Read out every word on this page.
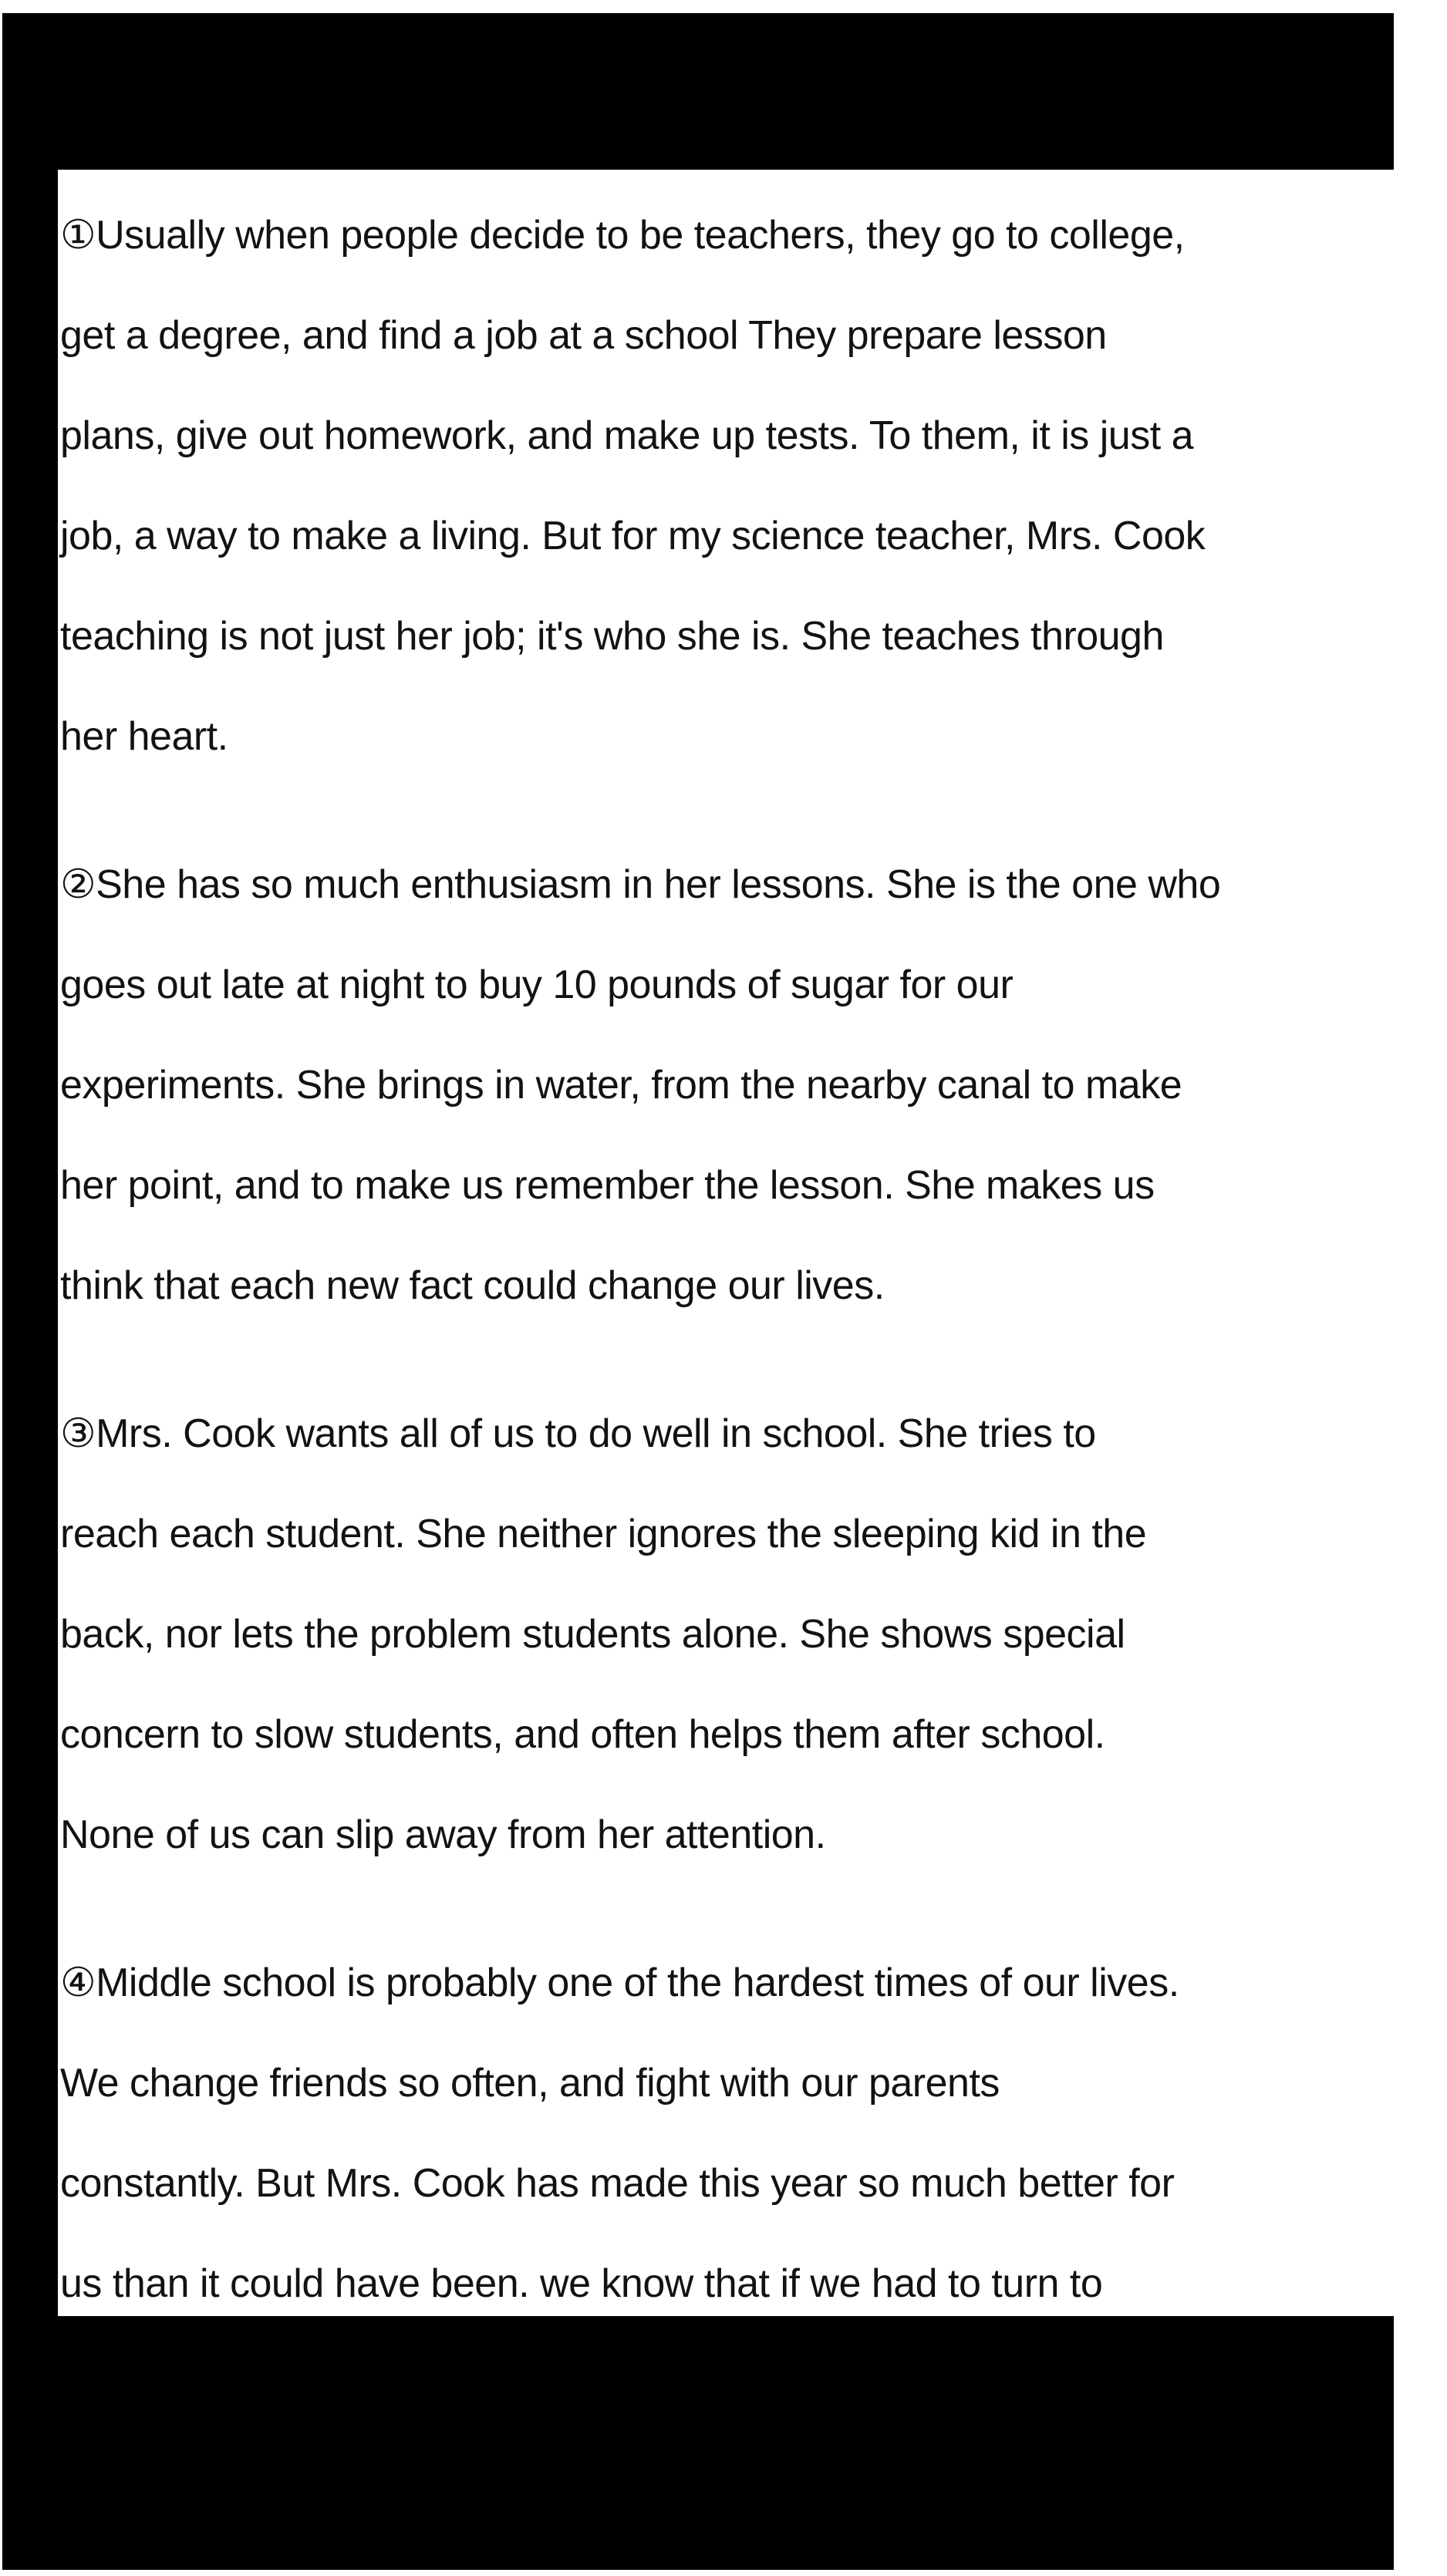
①Usually when people decide to be teachers, they go to college,
get a degree, and find a job at a school They prepare lesson
plans, give out homework, and make up tests. To them, it is just a
job, a way to make a living. But for my science teacher, Mrs. Cook
teaching is not just her job; it's who she is. She teaches through
her heart.
②She has so much enthusiasm in her lessons. She is the one who
goes out late at night to buy 10 pounds of sugar for our
experiments. She brings in water, from the nearby canal to make
her point, and to make us remember the lesson. She makes us
think that each new fact could change our lives.
③Mrs. Cook wants all of us to do well in school. She tries to
reach each student. She neither ignores the sleeping kid in the
back, nor lets the problem students alone. She shows special
concern to slow students, and often helps them after school.
None of us can slip away from her attention.
④Middle school is probably one of the hardest times of our lives.
We change friends so often, and fight with our parents
constantly. But Mrs. Cook has made this year so much better for
us than it could have been. we know that if we had to turn to
